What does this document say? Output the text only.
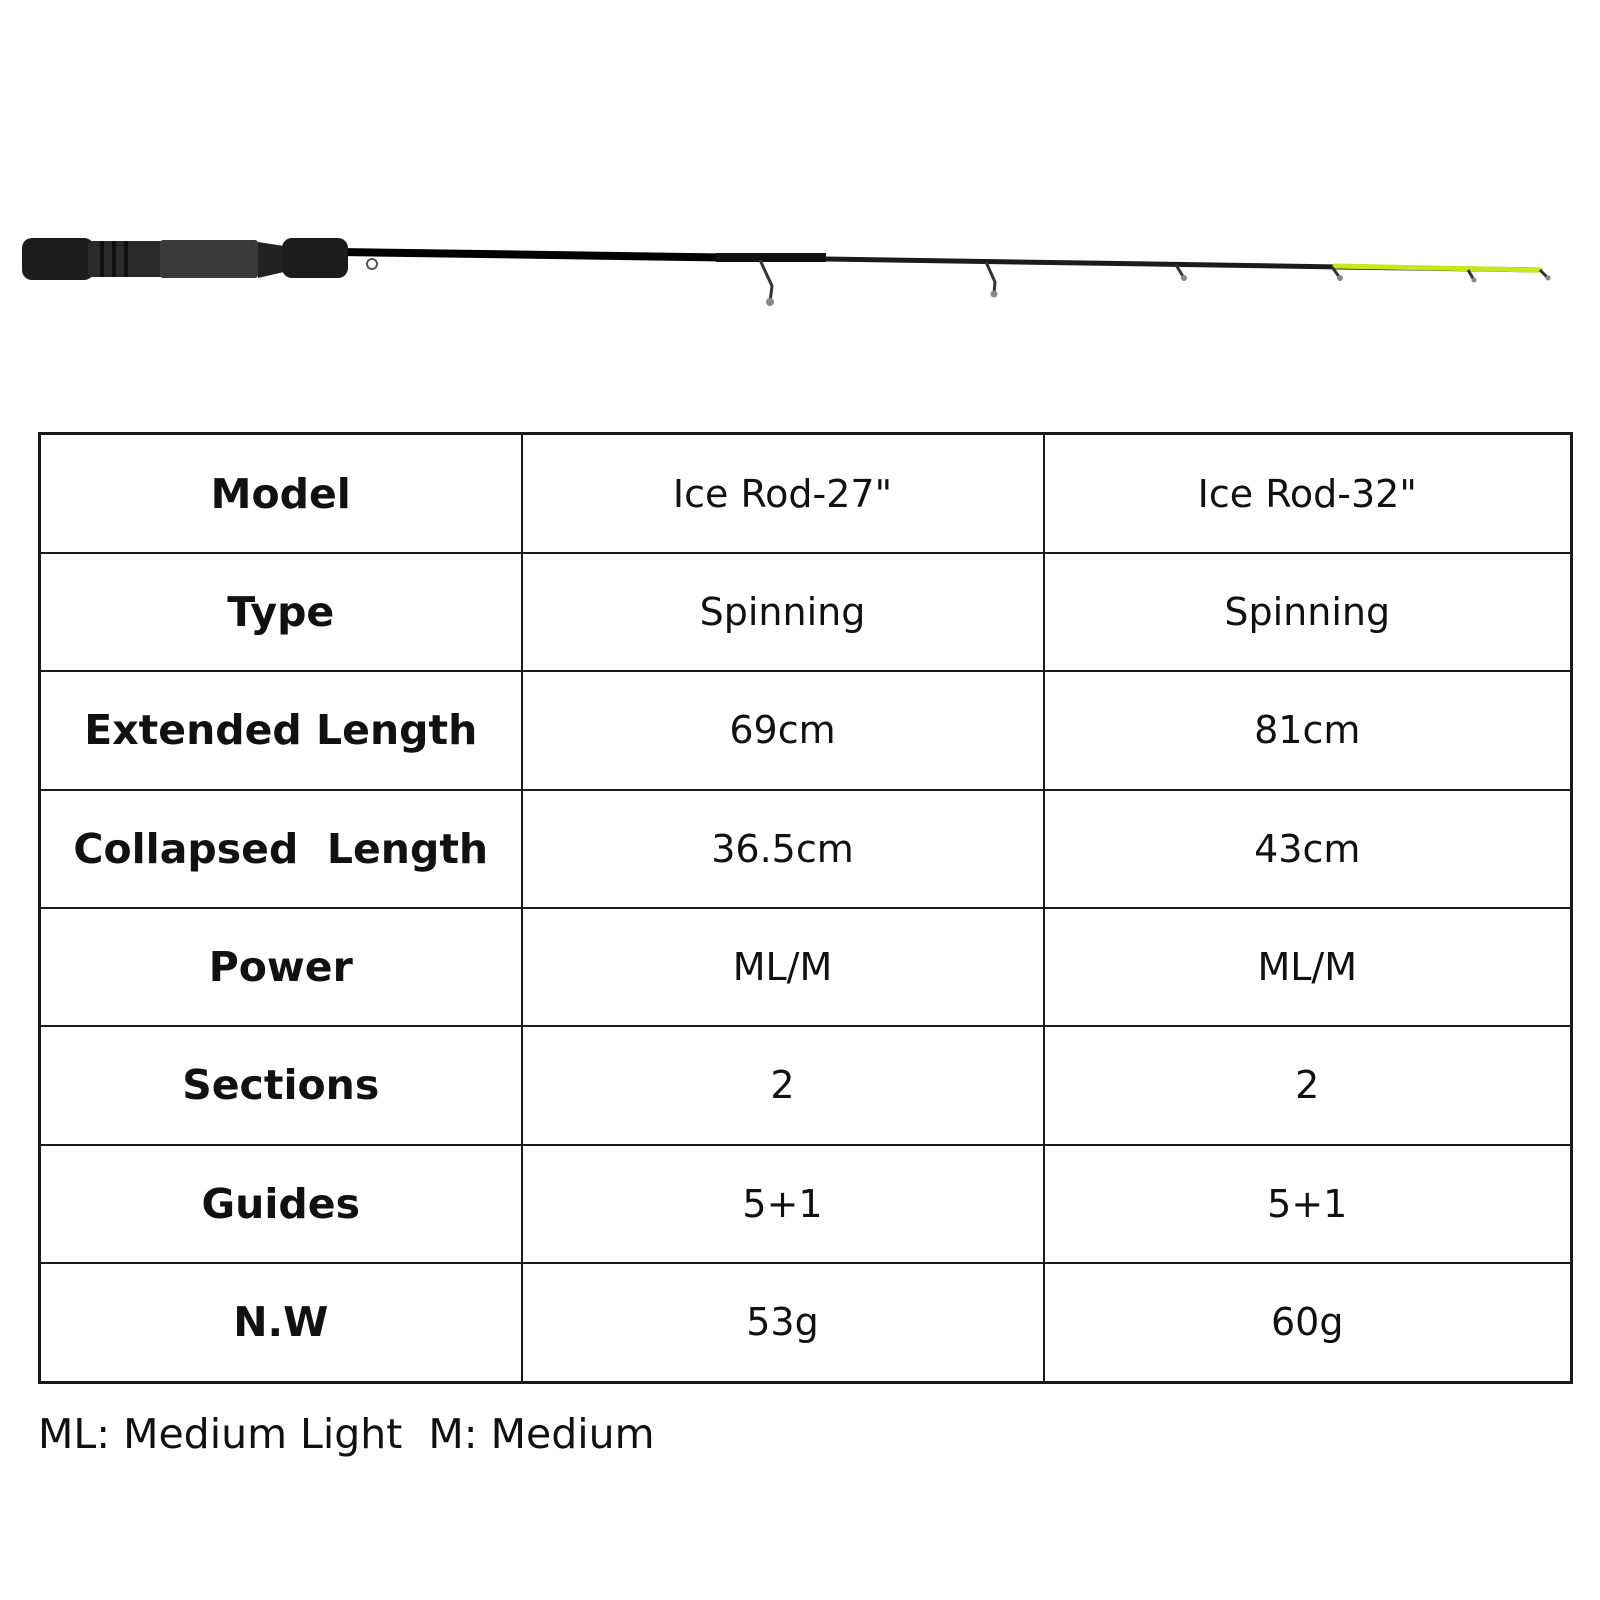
Model	Ice Rod-27"	Ice Rod-32"
Type	Spinning	Spinning
Extended Length	69cm	81cm
Collapsed  Length	36.5cm	43cm
Power	ML/M	ML/M
Sections	2	2
Guides	5+1	5+1
N.W	53g	60g
ML: Medium Light  M: Medium
